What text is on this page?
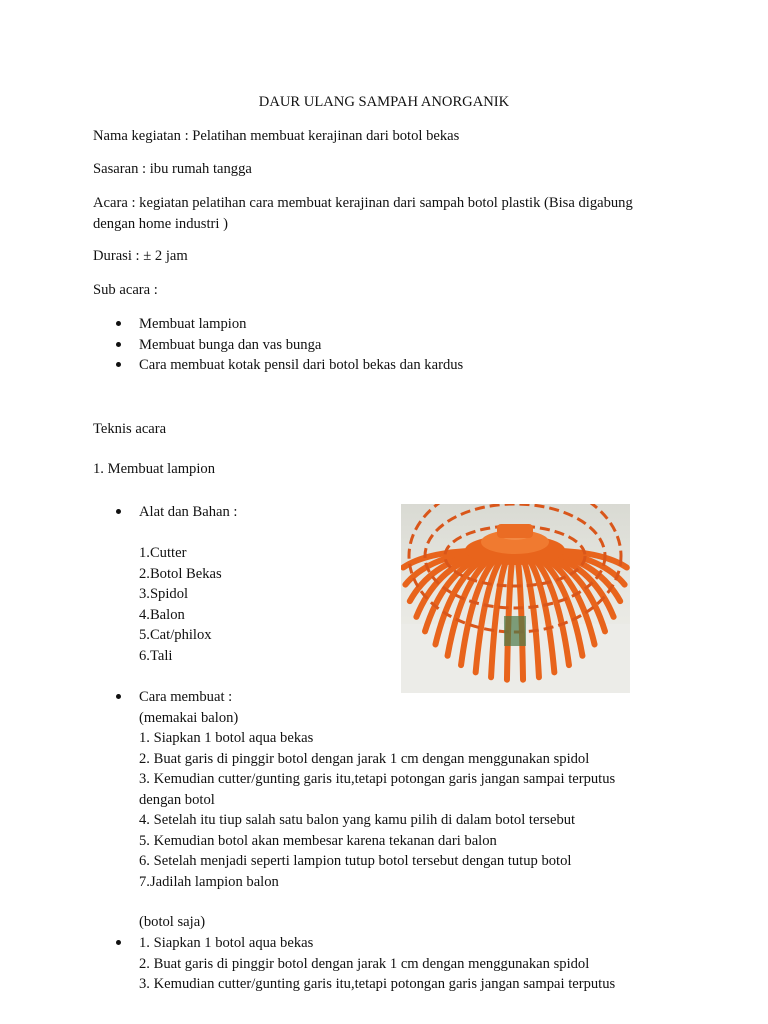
DAUR ULANG SAMPAH ANORGANIK

Nama kegiatan : Pelatihan membuat kerajinan dari botol bekas

Sasaran : ibu rumah tangga

Acara : kegiatan pelatihan cara membuat kerajinan dari sampah botol plastik (Bisa digabung
dengan home industri )

Durasi : ± 2 jam

Sub acara :

Membuat lampion
Membuat bunga dan vas bunga
Cara membuat kotak pensil dari botol bekas dan kardus

Teknis acara

1. Membuat lampion

Alat dan Bahan :
1.Cutter
2.Botol Bekas
3.Spidol
4.Balon
5.Cat/philox
6.Tali
Cara membuat :
(memakai balon)
1. Siapkan 1 botol aqua bekas
2. Buat garis di pinggir botol dengan jarak 1 cm dengan menggunakan spidol
3. Kemudian cutter/gunting garis itu,tetapi potongan garis jangan sampai terputus
dengan botol
4. Setelah itu tiup salah satu balon yang kamu pilih di dalam botol tersebut
5. Kemudian botol akan membesar karena tekanan dari balon
6. Setelah menjadi seperti lampion tutup botol tersebut dengan tutup botol
7.Jadilah lampion balon
(botol saja)
1. Siapkan 1 botol aqua bekas
2. Buat garis di pinggir botol dengan jarak 1 cm dengan menggunakan spidol
3. Kemudian cutter/gunting garis itu,tetapi potongan garis jangan sampai terputus
